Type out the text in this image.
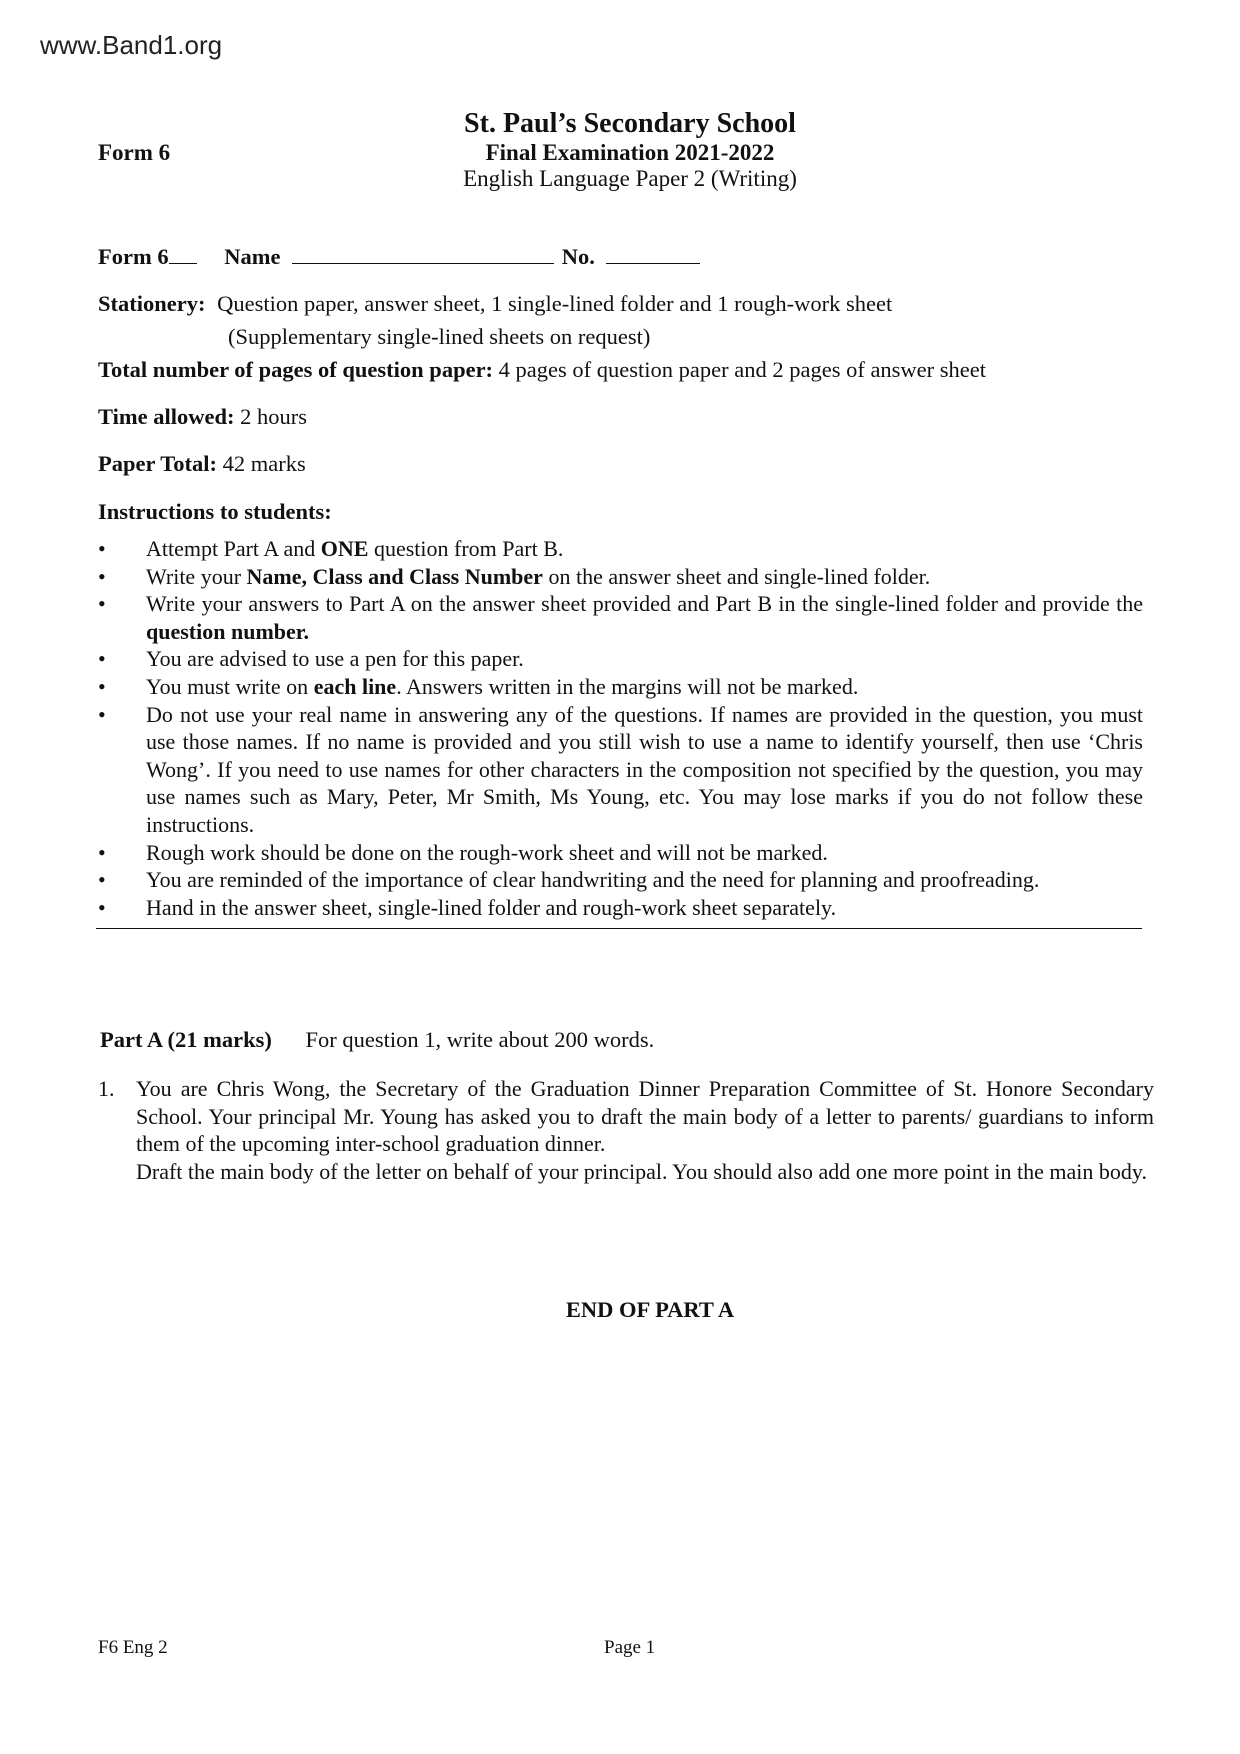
www.Band1.org
Form 6
St. Paul’s Secondary School
Final Examination 2021-2022
English Language Paper 2 (Writing)
Form 6 Name	No.
Stationery: Question paper, answer sheet, 1 single-lined folder and 1 rough-work sheet
(Supplementary single-lined sheets on request)
Total number of pages of question paper: 4 pages of question paper and 2 pages of answer sheet
Time allowed: 2 hours
Paper Total: 42 marks
Instructions to students:
• Attempt Part A and ONE question from Part B.
• Write your Name, Class and Class Number on the answer sheet and single-lined folder.
• Write your answers to Part A on the answer sheet provided and Part B in the single-lined folder and provide the question number.
• You are advised to use a pen for this paper.
• You must write on each line. Answers written in the margins will not be marked.
• Do not use your real name in answering any of the questions. If names are provided in the question, you must use those names. If no name is provided and you still wish to use a name to identify yourself, then use ‘Chris Wong’. If you need to use names for other characters in the composition not specified by the question, you may use names such as Mary, Peter, Mr Smith, Ms Young, etc. You may lose marks if you do not follow these instructions.
• Rough work should be done on the rough-work sheet and will not be marked.
• You are reminded of the importance of clear handwriting and the need for planning and proofreading.
• Hand in the answer sheet, single-lined folder and rough-work sheet separately.
Part A (21 marks) For question 1, write about 200 words.
1. You are Chris Wong, the Secretary of the Graduation Dinner Preparation Committee of St. Honore Secondary School. Your principal Mr. Young has asked you to draft the main body of a letter to parents/ guardians to inform them of the upcoming inter-school graduation dinner.

Draft the main body of the letter on behalf of your principal. You should also add one more point in the main body.

END OF PART A
F6 Eng 2	Page 1
